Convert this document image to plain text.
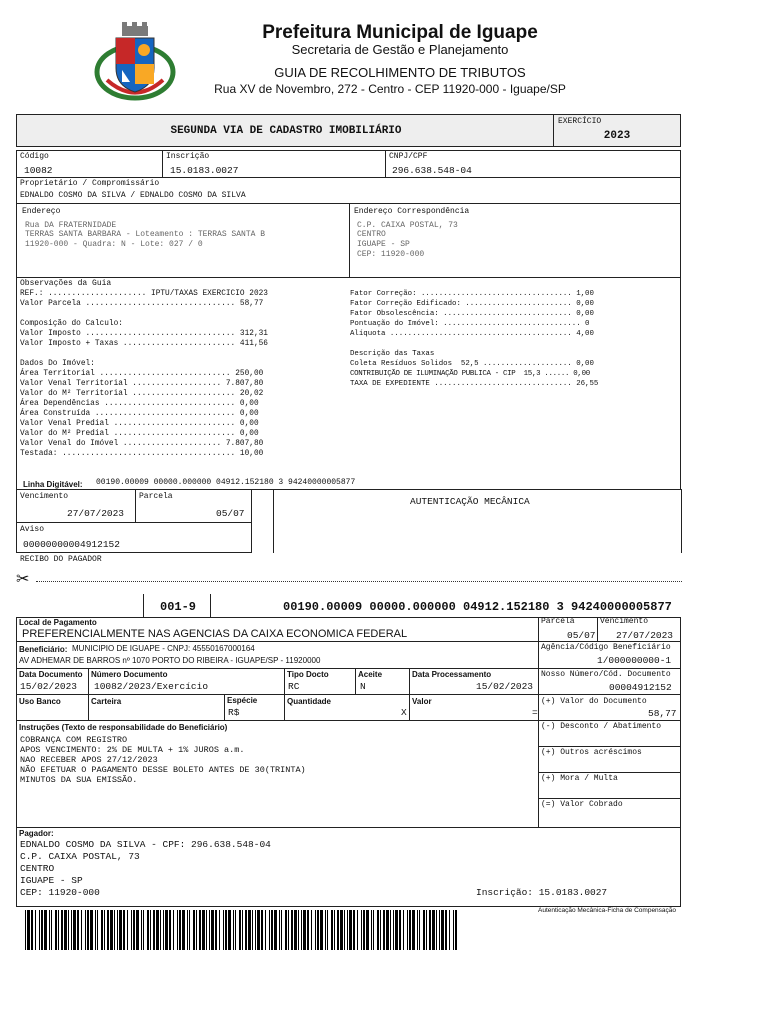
Prefeitura Municipal de Iguape
Secretaria de Gestão e Planejamento
GUIA DE RECOLHIMENTO DE TRIBUTOS
Rua XV de Novembro, 272 - Centro - CEP 11920-000 - Iguape/SP
SEGUNDA VIA DE CADASTRO IMOBILIÁRIO
EXERCÍCIO
2023
Código
10082
Inscrição
15.0183.0027
CNPJ/CPF
296.638.548-04
Proprietário / Compromissário
EDNALDO COSMO DA SILVA / EDNALDO COSMO DA SILVA
Endereço
Rua DA FRATERNIDADE
TERRAS SANTA BARBARA - Loteamento : TERRAS SANTA B
11920-000 - Quadra: N - Lote: 027 / 0
Endereço Correspondência
C.P. CAIXA POSTAL, 73
CENTRO
IGUAPE - SP
CEP: 11920-000
Observações da Guia
REF.: ..................... IPTU/TAXAS EXERCICIO 2023
Valor Parcela ................................ 58,77

Composição do Calculo:
Valor Imposto ................................ 312,31
Valor Imposto + Taxas ........................ 411,56

Dados Do Imóvel:
Área Territorial ............................ 250,00
Valor Venal Territorial ................... 7.807,80
Valor do M² Territorial ...................... 20,02
Área Dependências ............................ 0,00
Área Construída .............................. 0,00
Valor Venal Predial .......................... 0,00
Valor do M² Predial .......................... 0,00
Valor Venal do Imóvel ..................... 7.807,80
Testada: ..................................... 10,00
Fator Correção: .................................. 1,00
Fator Correção Edificado: ........................ 0,00
Fator Obsolescência: ............................. 0,00
Pontuação do Imóvel: ............................... 0
Alíquota ......................................... 4,00

Descrição das Taxas
Coleta Resíduos Solidos  52,5 .................... 0,00
CONTRIBUIÇÃO DE ILUMINAÇÃO PUBLICA - CIP  15,3 ...... 0,00
TAXA DE EXPEDIENTE ............................... 26,55
Linha Digitável: 00190.00009 00000.000000 04912.152180 3 94240000005877
Vencimento
27/07/2023
Parcela
05/07
Aviso
00000000004912152
AUTENTICAÇÃO MECÂNICA
RECIBO DO PAGADOR
✂
001-9	00190.00009 00000.000000 04912.152180 3 94240000005877
Local de Pagamento
PREFERENCIALMENTE NAS AGENCIAS DA CAIXA ECONOMICA FEDERAL
Parcela
05/07
Vencimento
27/07/2023
Beneficiário: MUNICIPIO DE IGUAPE - CNPJ: 45550167000164
AV ADHEMAR DE BARROS nº 1070 PORTO DO RIBEIRA - IGUAPE/SP - 11920000
Agência/Código Beneficiário
1/000000000-1
Data Documento
15/02/2023
Número Documento
10082/2023/Exercício
Tipo Docto
RC
Aceite
N
Data Processamento
15/02/2023
Nosso Número/Cód. Documento
00004912152
Uso Banco	Carteira	Espécie
R$
Quantidade
X
Valor
=
(+) Valor do Documento
58,77
Instruções (Texto de responsabilidade do Beneficiário)
COBRANÇA COM REGISTRO
APOS VENCIMENTO: 2% DE MULTA + 1% JUROS a.m.
NAO RECEBER APOS 27/12/2023
NÃO EFETUAR O PAGAMENTO DESSE BOLETO ANTES DE 30(TRINTA)
MINUTOS DA SUA EMISSÃO.
(-) Desconto / Abatimento
(+) Outros acréscimos
(+) Mora / Multa
(=) Valor Cobrado
Pagador:
EDNALDO COSMO DA SILVA - CPF: 296.638.548-04
C.P. CAIXA POSTAL, 73
CENTRO
IGUAPE - SP
CEP: 11920-000	Inscrição: 15.0183.0027
Autenticação Mecânica-Ficha de Compensação
